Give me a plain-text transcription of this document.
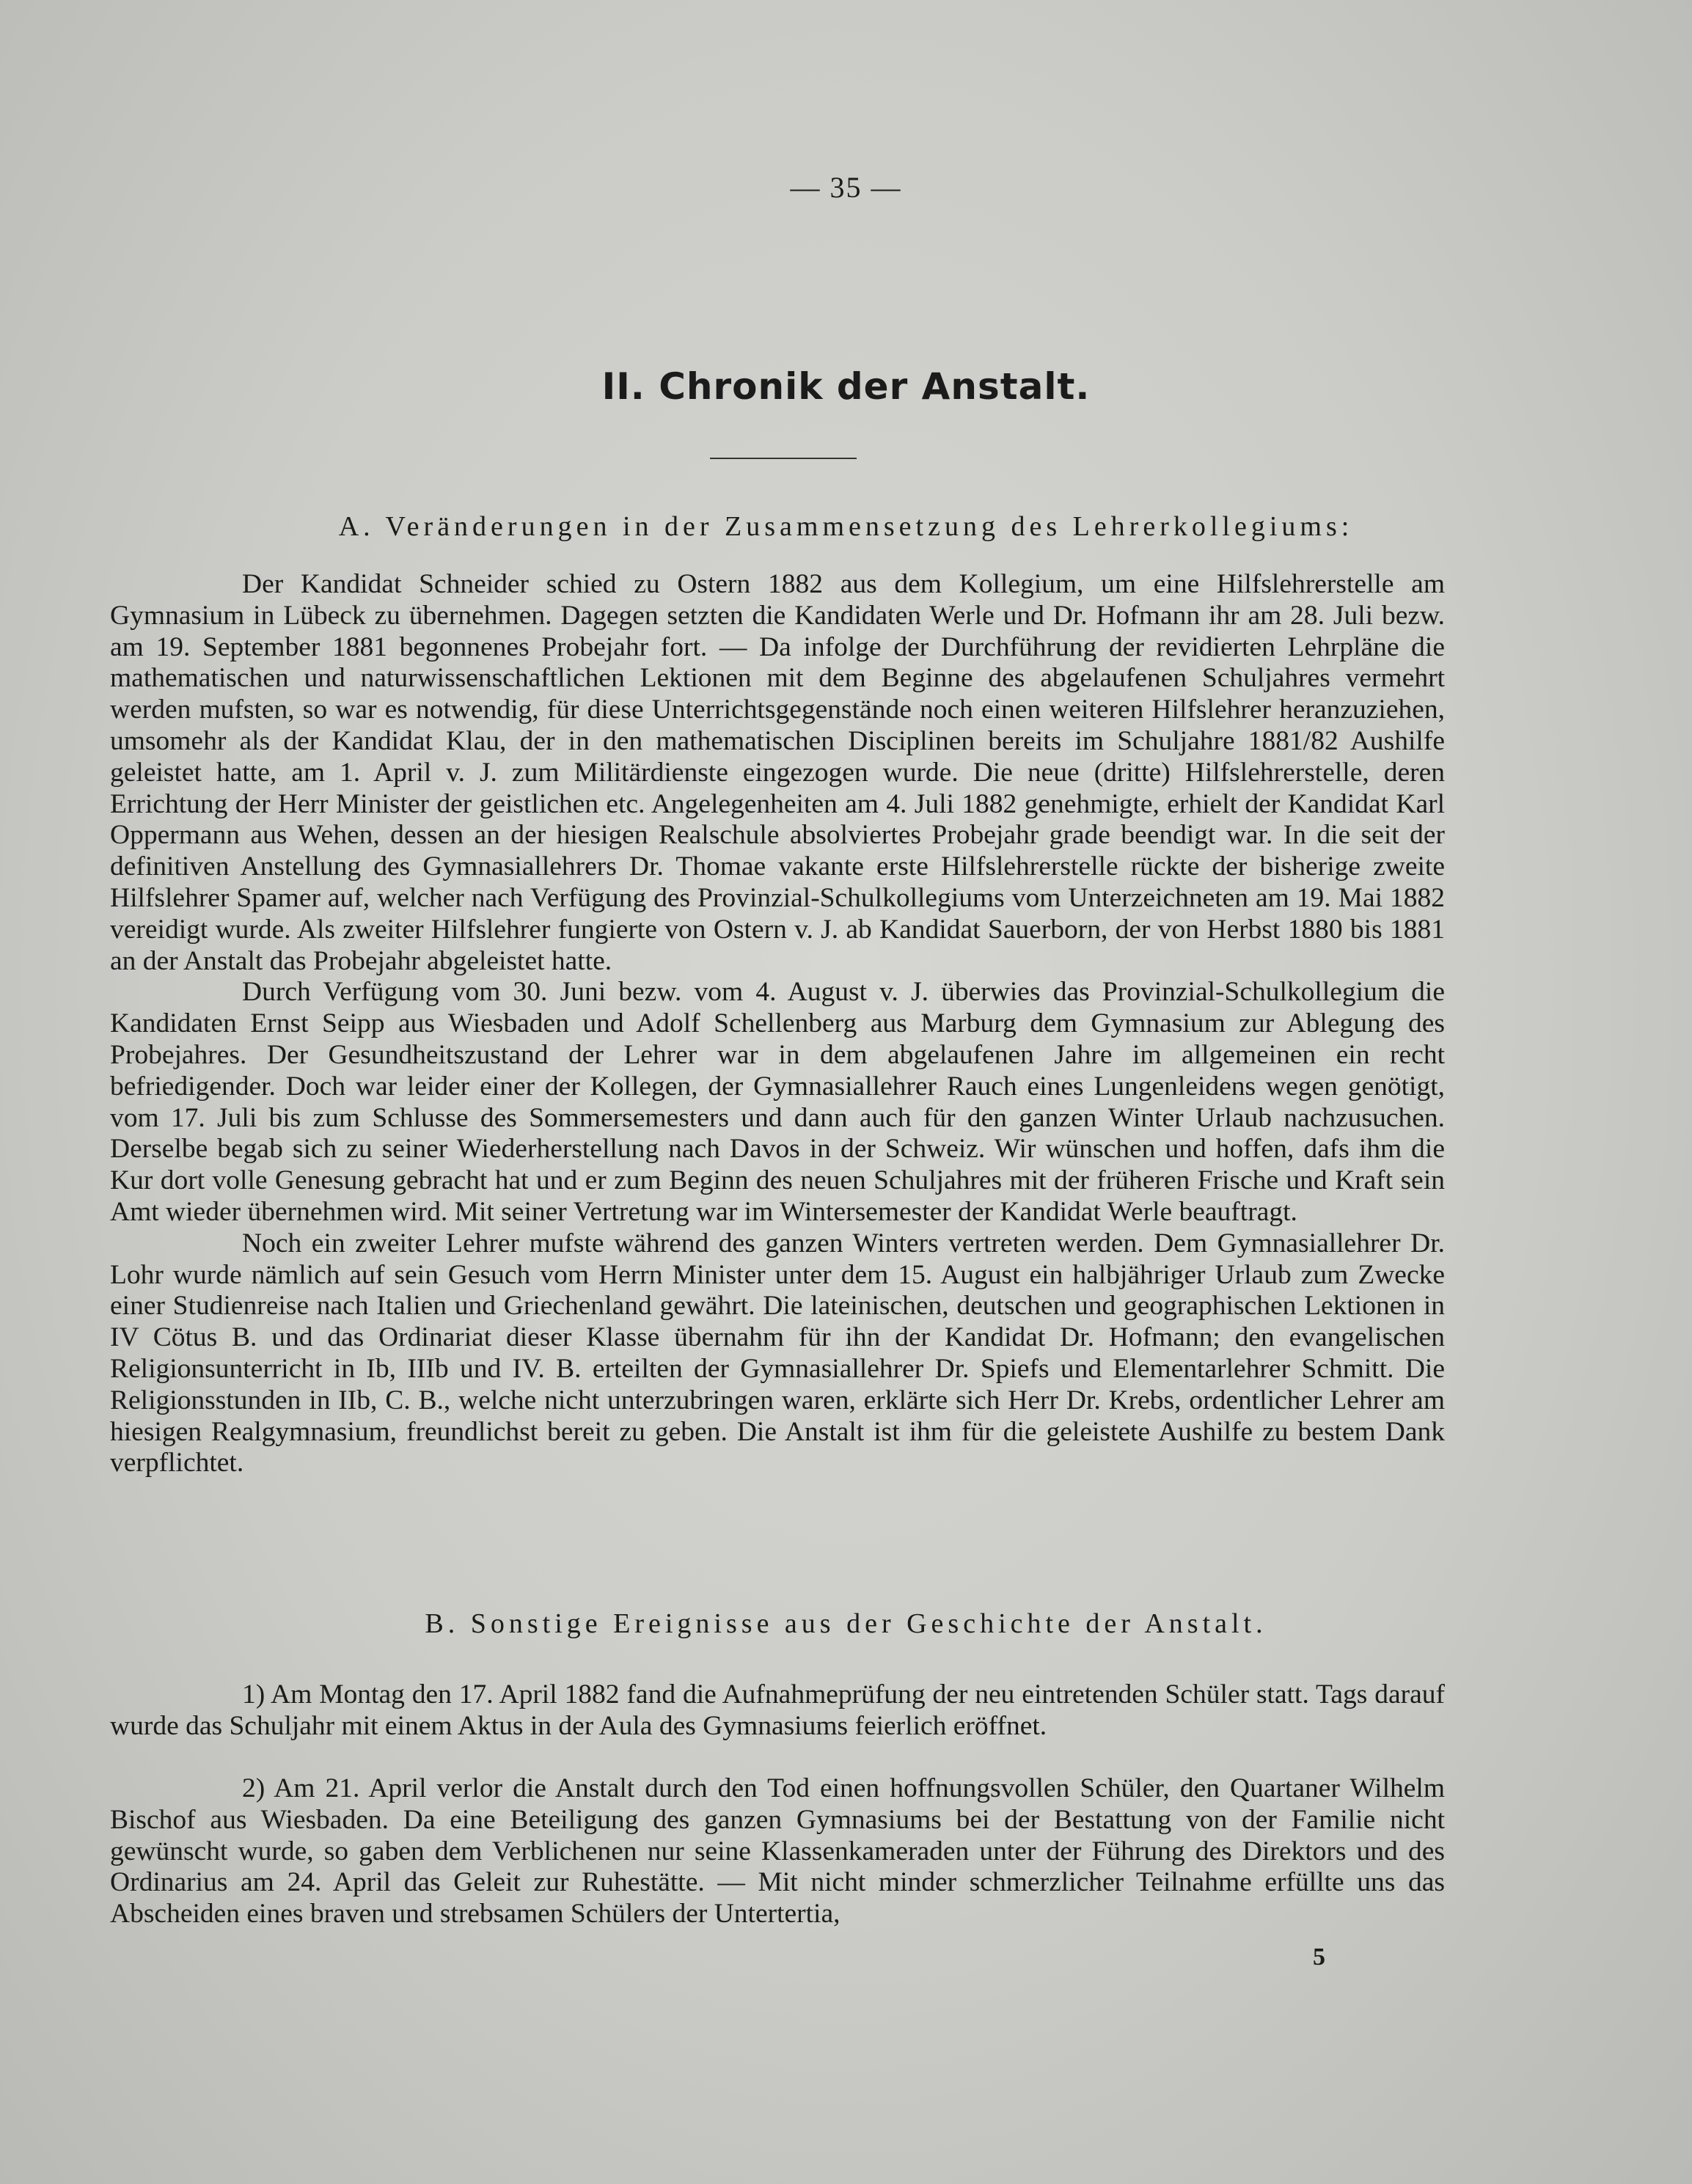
— 35 —
II. Chronik der Anstalt.
A. Veränderungen in der Zusammensetzung des Lehrerkollegiums:

Der Kandidat Schneider schied zu Ostern 1882 aus dem Kollegium, um eine Hilfslehrerstelle am Gymnasium in Lübeck zu übernehmen. Dagegen setzten die Kandidaten Werle und Dr. Hofmann ihr am 28. Juli bezw. am 19. September 1881 begonnenes Probejahr fort. — Da infolge der Durchführung der revidierten Lehrpläne die mathematischen und naturwissenschaftlichen Lektionen mit dem Beginne des abgelaufenen Schuljahres vermehrt werden mufsten, so war es notwendig, für diese Unterrichtsgegenstände noch einen weiteren Hilfslehrer heranzuziehen, umsomehr als der Kandidat Klau, der in den mathematischen Disciplinen bereits im Schuljahre 1881/82 Aushilfe geleistet hatte, am 1. April v. J. zum Militärdienste eingezogen wurde. Die neue (dritte) Hilfslehrerstelle, deren Errichtung der Herr Minister der geistlichen etc. Angelegenheiten am 4. Juli 1882 genehmigte, erhielt der Kandidat Karl Oppermann aus Wehen, dessen an der hiesigen Realschule absolviertes Probejahr grade beendigt war. In die seit der definitiven Anstellung des Gymnasiallehrers Dr. Thomae vakante erste Hilfslehrerstelle rückte der bisherige zweite Hilfslehrer Spamer auf, welcher nach Verfügung des Provinzial-Schulkollegiums vom Unterzeichneten am 19. Mai 1882 vereidigt wurde. Als zweiter Hilfslehrer fungierte von Ostern v. J. ab Kandidat Sauerborn, der von Herbst 1880 bis 1881 an der Anstalt das Probejahr abgeleistet hatte.

Durch Verfügung vom 30. Juni bezw. vom 4. August v. J. überwies das Provinzial-Schulkollegium die Kandidaten Ernst Seipp aus Wiesbaden und Adolf Schellenberg aus Marburg dem Gymnasium zur Ablegung des Probejahres. Der Gesundheitszustand der Lehrer war in dem abgelaufenen Jahre im allgemeinen ein recht befriedigender. Doch war leider einer der Kollegen, der Gymnasiallehrer Rauch eines Lungenleidens wegen genötigt, vom 17. Juli bis zum Schlusse des Sommersemesters und dann auch für den ganzen Winter Urlaub nachzusuchen. Derselbe begab sich zu seiner Wiederherstellung nach Davos in der Schweiz. Wir wünschen und hoffen, dafs ihm die Kur dort volle Genesung gebracht hat und er zum Beginn des neuen Schuljahres mit der früheren Frische und Kraft sein Amt wieder übernehmen wird. Mit seiner Vertretung war im Wintersemester der Kandidat Werle beauftragt.

Noch ein zweiter Lehrer mufste während des ganzen Winters vertreten werden. Dem Gymnasiallehrer Dr. Lohr wurde nämlich auf sein Gesuch vom Herrn Minister unter dem 15. August ein halbjähriger Urlaub zum Zwecke einer Studienreise nach Italien und Griechenland gewährt. Die lateinischen, deutschen und geographischen Lektionen in IV Cötus B. und das Ordinariat dieser Klasse übernahm für ihn der Kandidat Dr. Hofmann; den evangelischen Religionsunterricht in Ib, IIIb und IV. B. erteilten der Gymnasiallehrer Dr. Spiefs und Elementarlehrer Schmitt. Die Religionsstunden in IIb, C. B., welche nicht unterzubringen waren, erklärte sich Herr Dr. Krebs, ordentlicher Lehrer am hiesigen Realgymnasium, freundlichst bereit zu geben. Die Anstalt ist ihm für die geleistete Aushilfe zu bestem Dank verpflichtet.

B. Sonstige Ereignisse aus der Geschichte der Anstalt.

1) Am Montag den 17. April 1882 fand die Aufnahmeprüfung der neu eintretenden Schüler statt. Tags darauf wurde das Schuljahr mit einem Aktus in der Aula des Gymnasiums feierlich eröffnet.

2) Am 21. April verlor die Anstalt durch den Tod einen hoffnungsvollen Schüler, den Quartaner Wilhelm Bischof aus Wiesbaden. Da eine Beteiligung des ganzen Gymnasiums bei der Bestattung von der Familie nicht gewünscht wurde, so gaben dem Verblichenen nur seine Klassenkameraden unter der Führung des Direktors und des Ordinarius am 24. April das Geleit zur Ruhestätte. — Mit nicht minder schmerzlicher Teilnahme erfüllte uns das Abscheiden eines braven und strebsamen Schülers der Untertertia,

5
